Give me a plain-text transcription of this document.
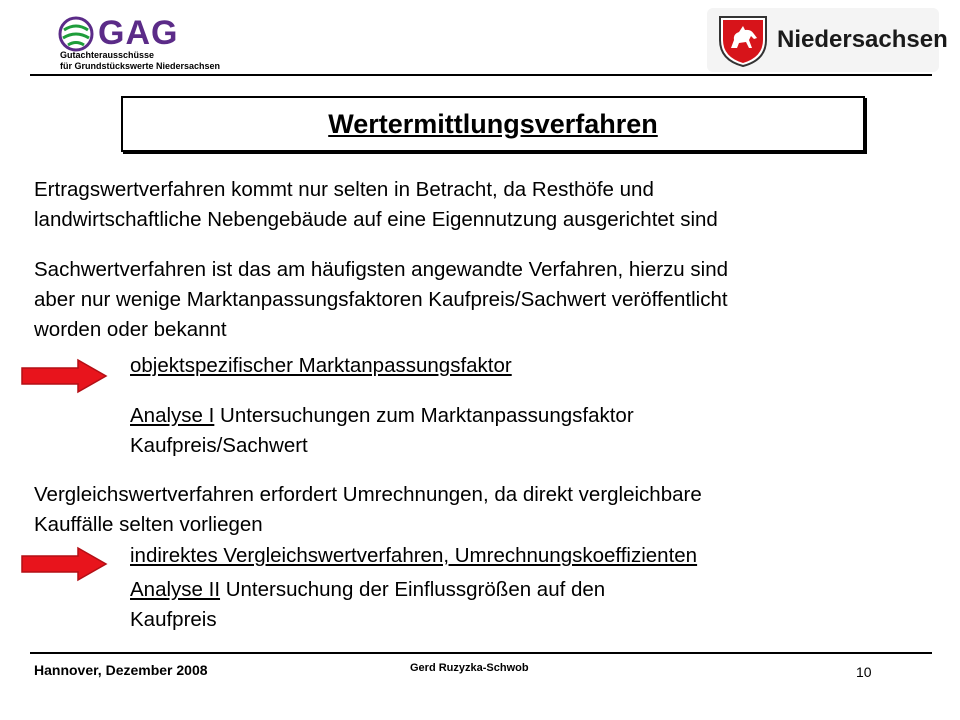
GAG
Gutachterausschüsse
für Grundstückswerte Niedersachsen
Niedersachsen
Wertermittlungsverfahren
Ertragswertverfahren kommt nur selten in Betracht, da Resthöfe und
landwirtschaftliche Nebengebäude auf eine Eigennutzung ausgerichtet sind
Sachwertverfahren ist das am häufigsten angewandte Verfahren, hierzu sind
aber nur wenige Marktanpassungsfaktoren Kaufpreis/Sachwert veröffentlicht
worden oder bekannt
objektspezifischer Marktanpassungsfaktor
Analyse I Untersuchungen zum Marktanpassungsfaktor
Kaufpreis/Sachwert
Vergleichswertverfahren erfordert Umrechnungen, da direkt vergleichbare
Kauffälle selten vorliegen
indirektes Vergleichswertverfahren, Umrechnungskoeffizienten
Analyse II Untersuchung der Einflussgrößen auf den
Kaufpreis
Hannover, Dezember 2008	Gerd Ruzyzka-Schwob	10
